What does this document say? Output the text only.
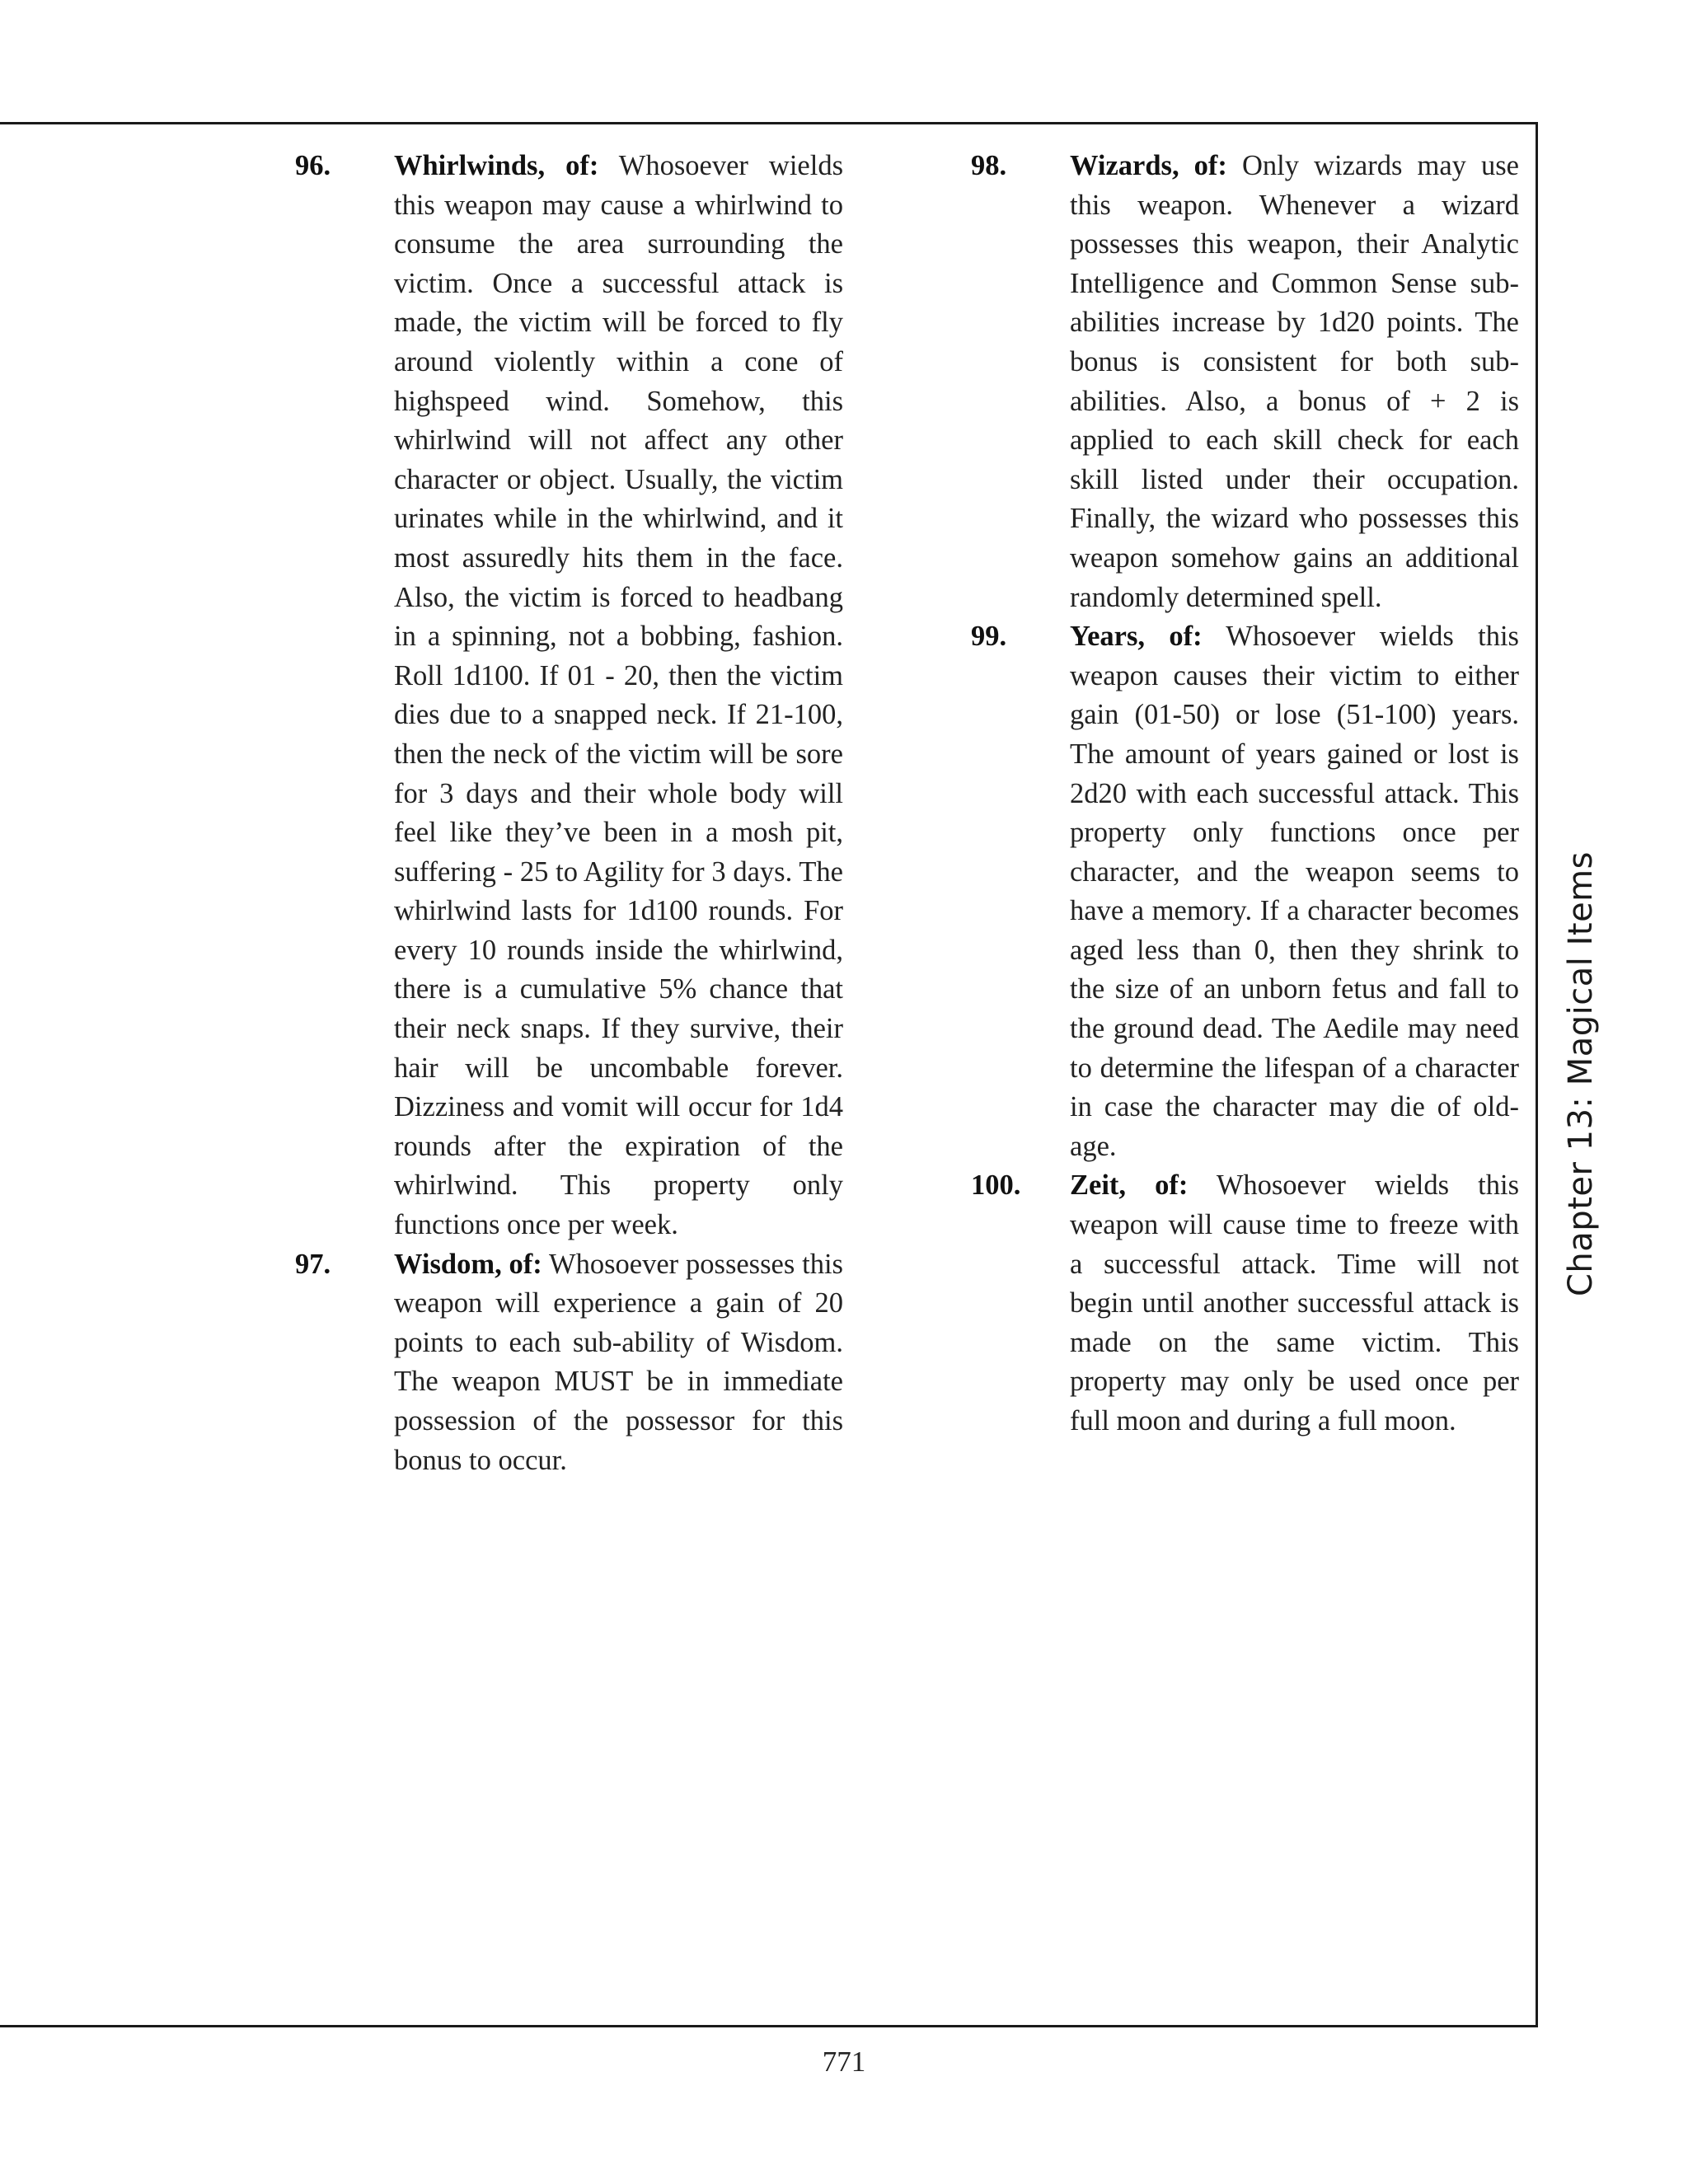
96.	Whirlwinds, of: Whosoever wields this weapon may cause a whirlwind to consume the area surrounding the victim. Once a successful attack is made, the victim will be forced to fly around violently within a cone of highspeed wind. Somehow, this whirlwind will not affect any other character or object. Usually, the victim urinates while in the whirlwind, and it most assuredly hits them in the face. Also, the victim is forced to headbang in a spinning, not a bobbing, fashion. Roll 1d100. If 01 - 20, then the victim dies due to a snapped neck. If 21-100, then the neck of the victim will be sore for 3 days and their whole body will feel like they’ve been in a mosh pit, suffering - 25 to Agility for 3 days. The whirlwind lasts for 1d100 rounds. For every 10 rounds inside the whirlwind, there is a cumulative 5% chance that their neck snaps. If they survive, their hair will be uncombable forever. Dizziness and vomit will occur for 1d4 rounds after the expiration of the whirlwind. This property only functions once per week.
97.	Wisdom, of: Whosoever possesses this weapon will experience a gain of 20 points to each sub-ability of Wisdom. The weapon MUST be in immediate possession of the possessor for this bonus to occur.
98.	Wizards, of: Only wizards may use this weapon. Whenever a wizard possesses this weapon, their Analytic Intelligence and Common Sense sub-abilities increase by 1d20 points. The bonus is consistent for both sub-abilities. Also, a bonus of + 2 is applied to each skill check for each skill listed under their occupation. Finally, the wizard who possesses this weapon somehow gains an additional randomly determined spell.
99.	Years, of: Whosoever wields this weapon causes their victim to either gain (01-50) or lose (51-100) years. The amount of years gained or lost is 2d20 with each successful attack. This property only functions once per character, and the weapon seems to have a memory. If a character becomes aged less than 0, then they shrink to the size of an unborn fetus and fall to the ground dead. The Aedile may need to determine the lifespan of a character in case the character may die of old-age.
100.	Zeit, of: Whosoever wields this weapon will cause time to freeze with a successful attack. Time will not begin until another successful attack is made on the same victim. This property may only be used once per full moon and during a full moon.
Chapter 13: Magical Items
771
